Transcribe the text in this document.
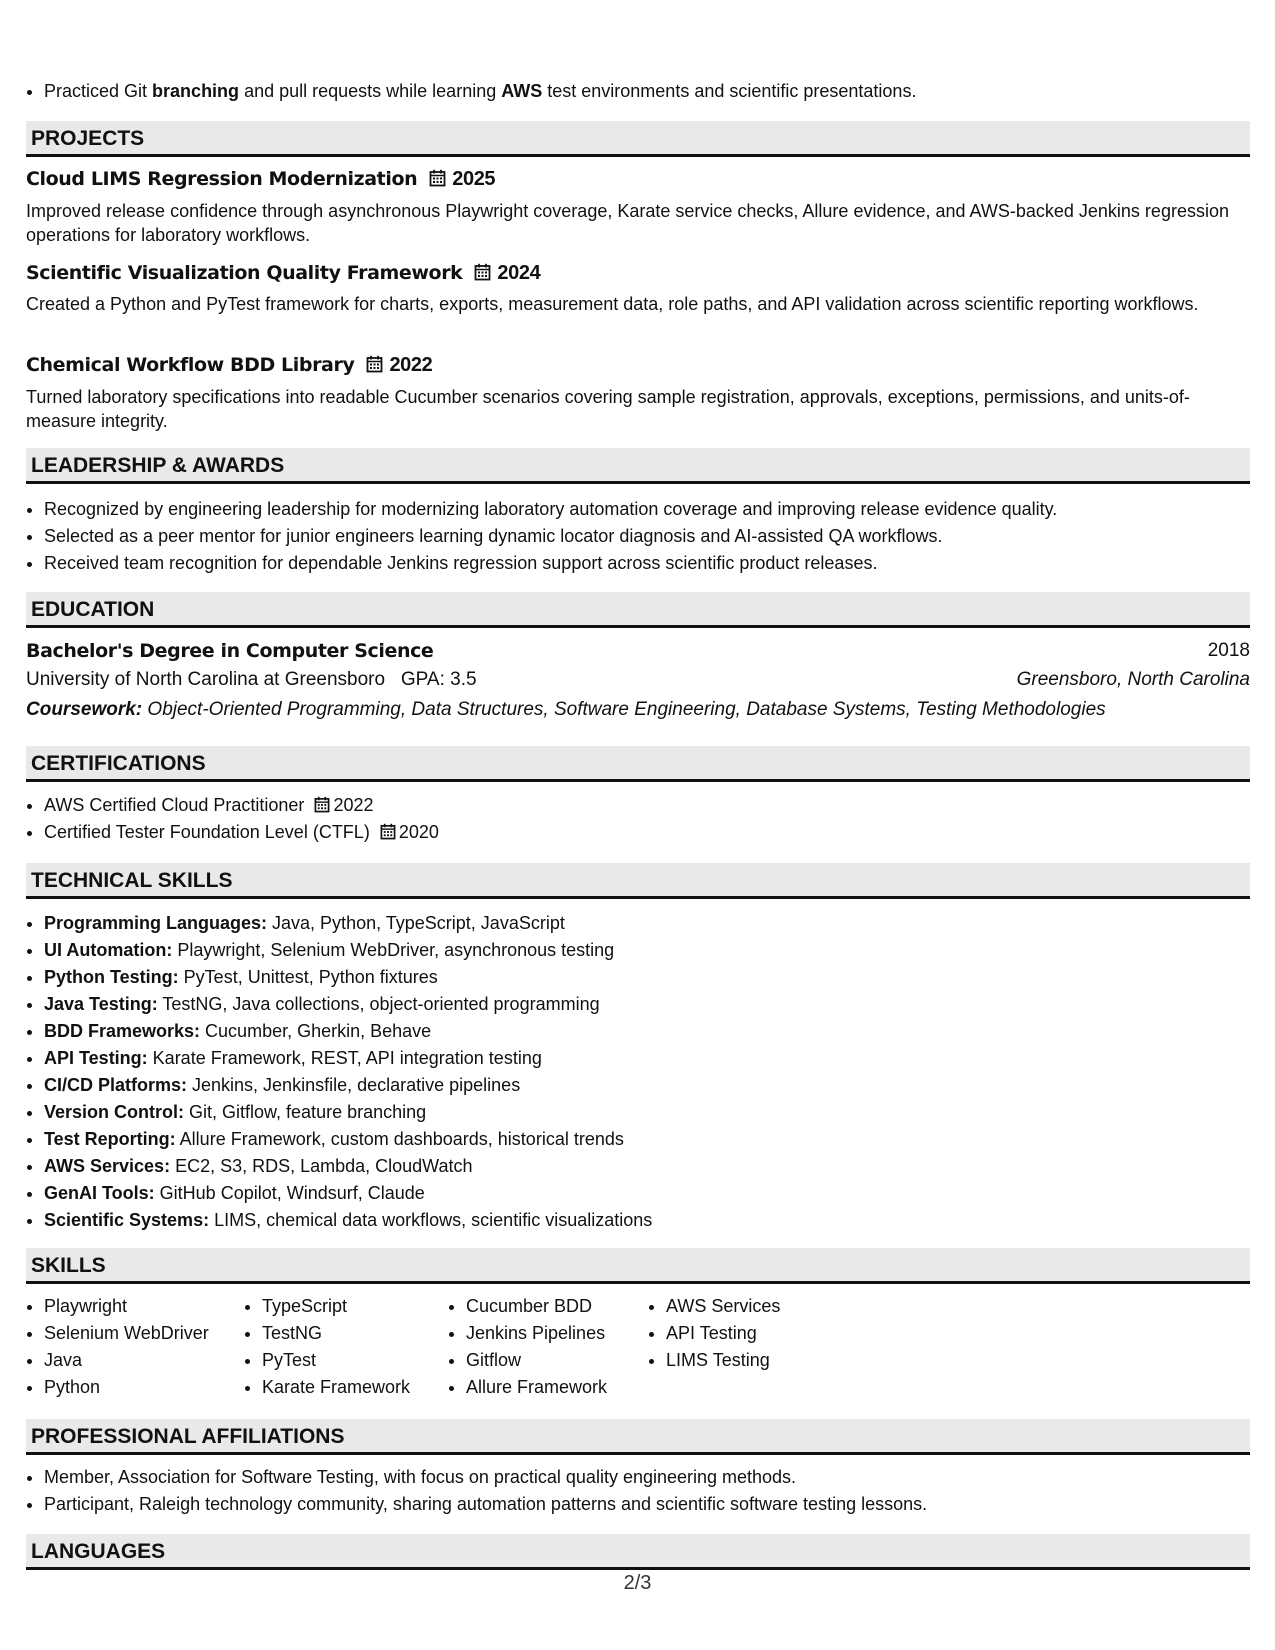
• Practiced Git branching and pull requests while learning AWS test environments and scientific presentations.
PROJECTS
Cloud LIMS Regression Modernization 2025
Improved release confidence through asynchronous Playwright coverage, Karate service checks, Allure evidence, and AWS-backed Jenkins regression operations for laboratory workflows.
Scientific Visualization Quality Framework 2024
Created a Python and PyTest framework for charts, exports, measurement data, role paths, and API validation across scientific reporting workflows.
Chemical Workflow BDD Library 2022
Turned laboratory specifications into readable Cucumber scenarios covering sample registration, approvals, exceptions, permissions, and units-of-measure integrity.
LEADERSHIP & AWARDS
• Recognized by engineering leadership for modernizing laboratory automation coverage and improving release evidence quality.
• Selected as a peer mentor for junior engineers learning dynamic locator diagnosis and AI-assisted QA workflows.
• Received team recognition for dependable Jenkins regression support across scientific product releases.
EDUCATION
Bachelor's Degree in Computer Science	2018
University of North Carolina at Greensboro GPA: 3.5	Greensboro, North Carolina
Coursework: Object-Oriented Programming, Data Structures, Software Engineering, Database Systems, Testing Methodologies
CERTIFICATIONS
• AWS Certified Cloud Practitioner 2022
• Certified Tester Foundation Level (CTFL) 2020
TECHNICAL SKILLS
• Programming Languages: Java, Python, TypeScript, JavaScript
• UI Automation: Playwright, Selenium WebDriver, asynchronous testing
• Python Testing: PyTest, Unittest, Python fixtures
• Java Testing: TestNG, Java collections, object-oriented programming
• BDD Frameworks: Cucumber, Gherkin, Behave
• API Testing: Karate Framework, REST, API integration testing
• CI/CD Platforms: Jenkins, Jenkinsfile, declarative pipelines
• Version Control: Git, Gitflow, feature branching
• Test Reporting: Allure Framework, custom dashboards, historical trends
• AWS Services: EC2, S3, RDS, Lambda, CloudWatch
• GenAI Tools: GitHub Copilot, Windsurf, Claude
• Scientific Systems: LIMS, chemical data workflows, scientific visualizations
SKILLS
• Playwright
• Selenium WebDriver
• Java
• Python
• TypeScript
• TestNG
• PyTest
• Karate Framework
• Cucumber BDD
• Jenkins Pipelines
• Gitflow
• Allure Framework
• AWS Services
• API Testing
• LIMS Testing
PROFESSIONAL AFFILIATIONS
• Member, Association for Software Testing, with focus on practical quality engineering methods.
• Participant, Raleigh technology community, sharing automation patterns and scientific software testing lessons.
LANGUAGES
2/3
